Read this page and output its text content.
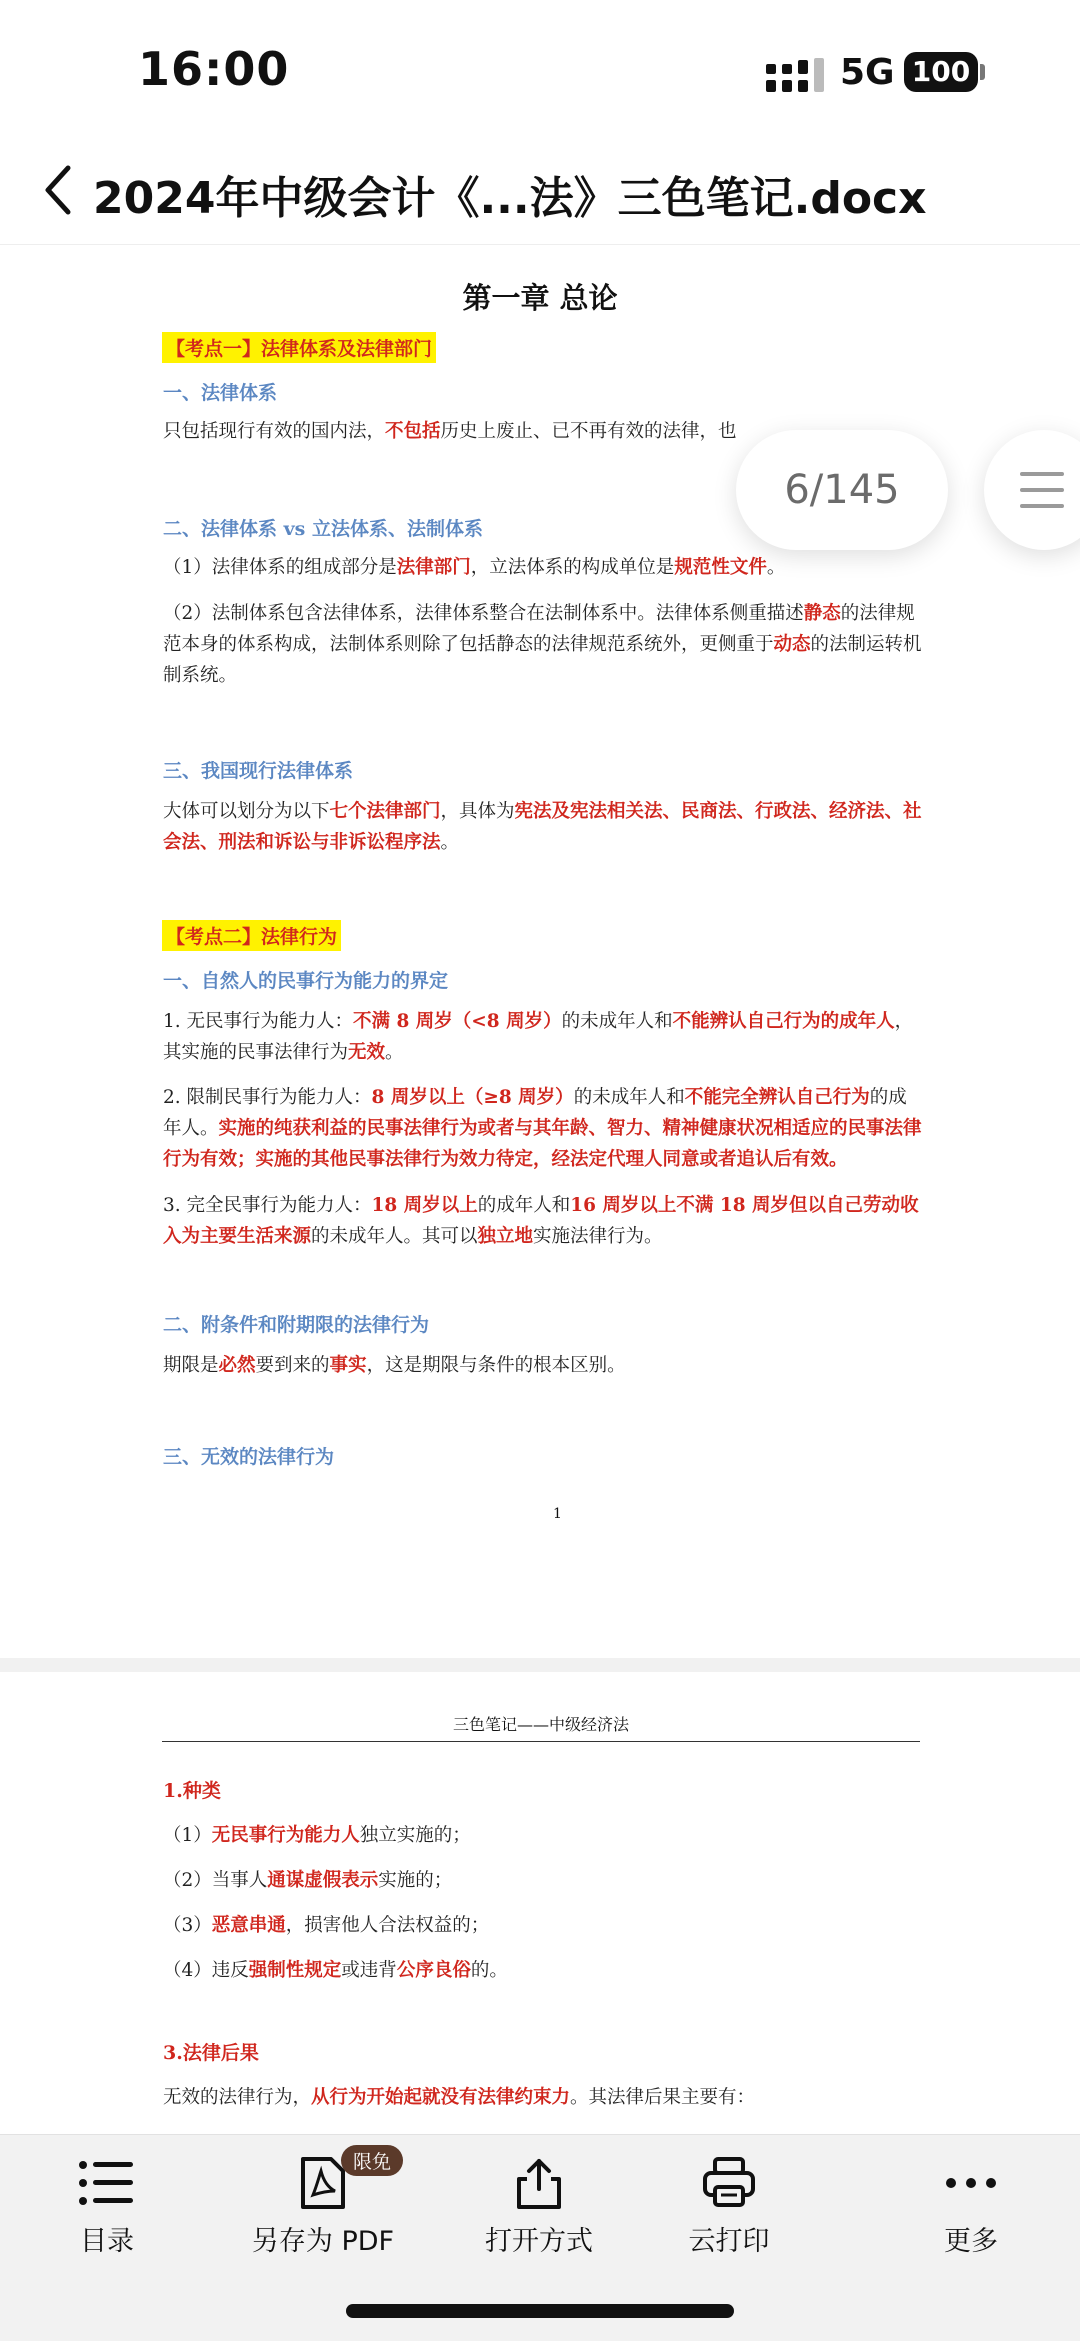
16:00	5G 100
2024年中级会计《...法》三色笔记.docx
第一章 总论
【考点一】法律体系及法律部门
一、法律体系
只包括现行有效的国内法，不包括历史上废止、已不再有效的法律，也
二、法律体系 vs 立法体系、法制体系
（1）法律体系的组成部分是法律部门，立法体系的构成单位是规范性文件。
（2）法制体系包含法律体系，法律体系整合在法制体系中。法律体系侧重描述静态的法律规范本身的体系构成，法制体系则除了包括静态的法律规范系统外，更侧重于动态的法制运转机制系统。
三、我国现行法律体系
大体可以划分为以下七个法律部门，具体为宪法及宪法相关法、民商法、行政法、经济法、社会法、刑法和诉讼与非诉讼程序法。
【考点二】法律行为
一、自然人的民事行为能力的界定
1. 无民事行为能力人：不满 8 周岁（<8 周岁）的未成年人和不能辨认自己行为的成年人，其实施的民事法律行为无效。
2. 限制民事行为能力人：8 周岁以上（≥8 周岁）的未成年人和不能完全辨认自己行为的成年人。实施的纯获利益的民事法律行为或者与其年龄、智力、精神健康状况相适应的民事法律行为有效；实施的其他民事法律行为效力待定，经法定代理人同意或者追认后有效。
3. 完全民事行为能力人：18 周岁以上的成年人和16 周岁以上不满 18 周岁但以自己劳动收入为主要生活来源的未成年人。其可以独立地实施法律行为。
二、附条件和附期限的法律行为
期限是必然要到来的事实，这是期限与条件的根本区别。
三、无效的法律行为
1
三色笔记——中级经济法
1.种类
（1）无民事行为能力人独立实施的；
（2）当事人通谋虚假表示实施的；
（3）恶意串通，损害他人合法权益的；
（4）违反强制性规定或违背公序良俗的。
3.法律后果
无效的法律行为，从行为开始起就没有法律约束力。其法律后果主要有：
6/145
目录
限免
另存为 PDF	打开方式	云打印	更多
